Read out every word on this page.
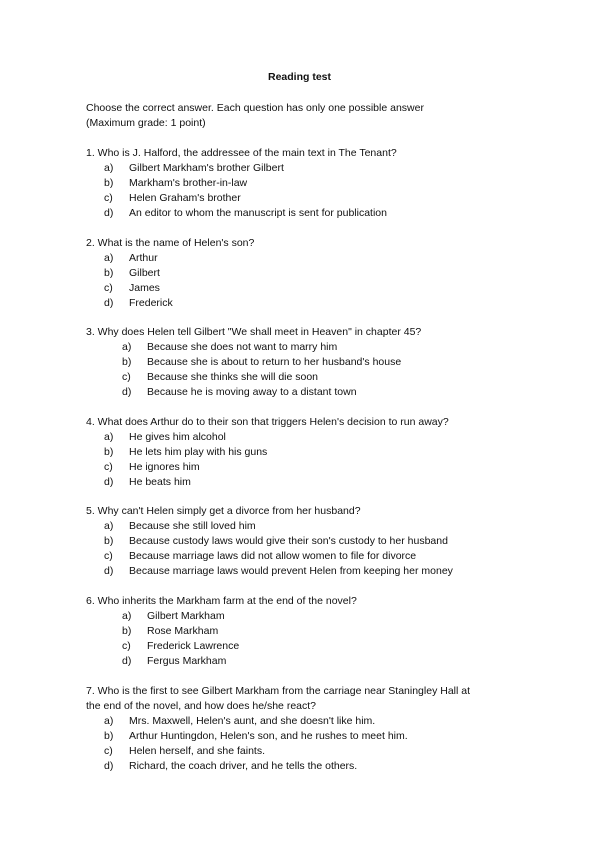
Reading test
Choose the correct answer. Each question has only one possible answer
(Maximum grade: 1 point)

1. Who is J. Halford, the addressee of the main text in The Tenant?

a) Gilbert Markham's brother Gilbert
b) Markham's brother-in-law
c) Helen Graham's brother
d) An editor to whom the manuscript is sent for publication

2. What is the name of Helen's son?

a) Arthur
b) Gilbert
c) James
d) Frederick

3. Why does Helen tell Gilbert "We shall meet in Heaven" in chapter 45?

a) Because she does not want to marry him
b) Because she is about to return to her husband's house
c) Because she thinks she will die soon
d) Because he is moving away to a distant town

4. What does Arthur do to their son that triggers Helen's decision to run away?

a) He gives him alcohol
b) He lets him play with his guns
c) He ignores him
d) He beats him

5. Why can't Helen simply get a divorce from her husband?

a) Because she still loved him
b) Because custody laws would give their son's custody to her husband
c) Because marriage laws did not allow women to file for divorce
d) Because marriage laws would prevent Helen from keeping her money

6. Who inherits the Markham farm at the end of the novel?

a) Gilbert Markham
b) Rose Markham
c) Frederick Lawrence
d) Fergus Markham

7. Who is the first to see Gilbert Markham from the carriage near Staningley Hall at

the end of the novel, and how does he/she react?

a) Mrs. Maxwell, Helen's aunt, and she doesn't like him.
b) Arthur Huntingdon, Helen's son, and he rushes to meet him.
c) Helen herself, and she faints.
d) Richard, the coach driver, and he tells the others.
